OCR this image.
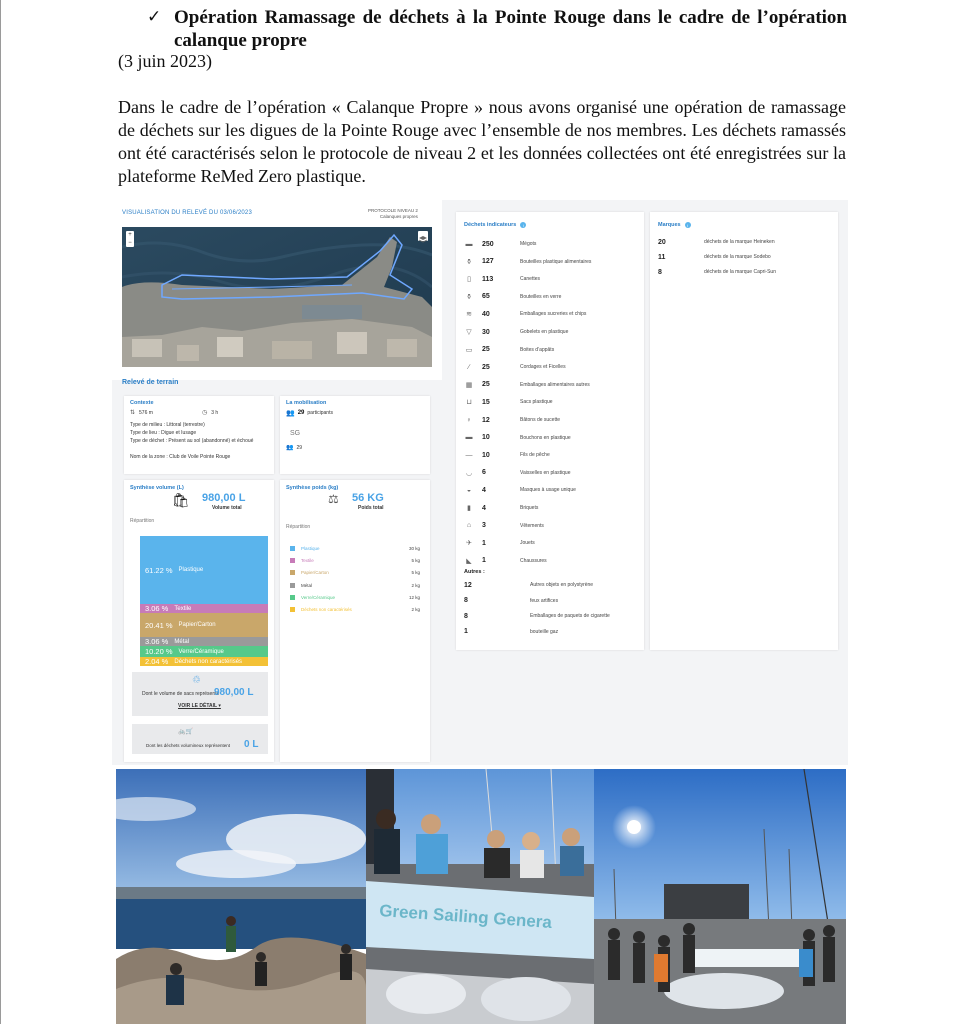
✓ Opération Ramassage de déchets à la Pointe Rouge dans le cadre de l’opération calanque propre
(3 juin 2023)
Dans le cadre de l’opération « Calanque Propre » nous avons organisé une opération de ramassage de déchets sur les digues de la Pointe Rouge avec l’ensemble de nos membres. Les déchets ramassés ont été caractérisés selon le protocole de niveau 2 et les données collectées ont été enregistrées sur la plateforme ReMed Zero plastique.
VISUALISATION DU RELEVÉ DU 03/06/2023	PROTOCOLE NIVEAU 2
Calanques propres
+
−
Relevé de terrain
Contexte
⇅ 576 m	◷ 3 h
Type de milieu : Littoral (terrestre)
Type de lieu : Digue et Iusage
Type de déchet : Présent au sol (abandonné) et échoué
Nom de la zone : Club de Voile Pointe Rouge
La mobilisation
👥 29 participants
SG
👥 29
Synthèse volume (L)
🛍 980,00 L
Volume total
Répartition
61.22 % Plastique
3.06 % Textile
20.41 % Papier/Carton
3.06 % Métal
10.20 % Verre/Céramique
2.04 % Déchets non caractérisés
♲
Dont le volume de sacs représente
980,00 L
VOIR LE DÉTAIL ▾
🚲🛒
Dont les déchets volumineux représentent 0 L
Synthèse poids (kg)
⚖ 56 KG
Poids total
Répartition
Plastique	30 kg
Textile	5 kg
Papier/Carton	5 kg
Métal	2 kg
Verre/Céramique	12 kg
Déchets non caractérisés	2 kg
Déchets indicateurs	i
▬	250	Mégots
⚱	127	Bouteilles plastique alimentaires
▯	113	Canettes
⚱	65	Bouteilles en verre
≋	40	Emballages sucreries et chips
▽	30	Gobelets en plastique
▭	25	Boites d’appâts
∕	25	Cordages et Ficelles
▦	25	Emballages alimentaires autres
⊔	15	Sacs plastique
♀	12	Bâtons de sucette
▬	10	Bouchons en plastique
—	10	Fils de pêche
◡	6	Vaisselles en plastique
◒	4	Masques à usage unique
▮	4	Briquets
⌂	3	Vêtements
✈	1	Jouets
◣	1	Chaussures
Autres :
12	Autres objets en polystyrène
8	feux artifices
8	Emballages de paquets de cigarette
1	bouteille gaz
Marques	i
20	déchets de la marque Heineken
11	déchets de la marque Sodebo
8	déchets de la marque Capri-Sun
Green Sailing Genera
